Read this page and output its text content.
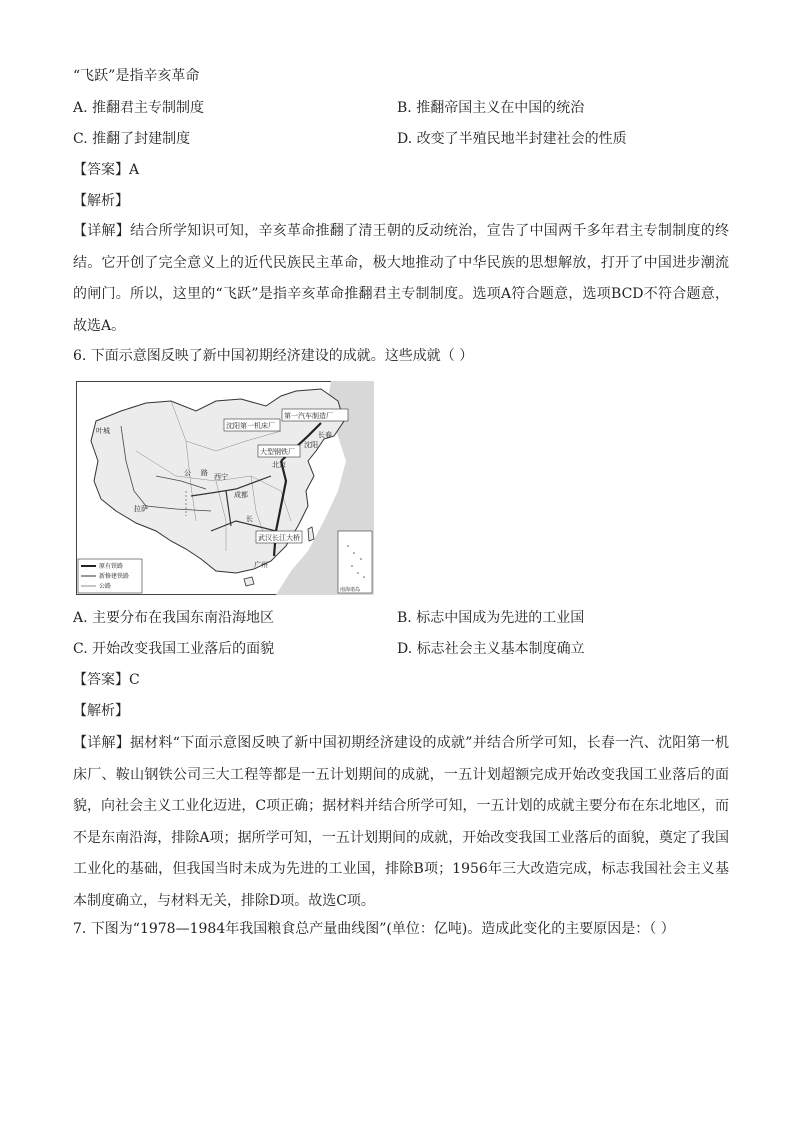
“飞跃”是指辛亥革命
A. 推翻君主专制制度	B. 推翻帝国主义在中国的统治
C. 推翻了封建制度	D. 改变了半殖民地半封建社会的性质
【答案】A
【解析】
【详解】结合所学知识可知，辛亥革命推翻了清王朝的反动统治，宣告了中国两千多年君主专制制度的终结。它开创了完全意义上的近代民族民主革命，极大地推动了中华民族的思想解放，打开了中国进步潮流的闸门。所以，这里的“飞跃”是指辛亥革命推翻君主专制制度。选项A符合题意，选项BCD不符合题意，故选A。
6. 下面示意图反映了新中国初期经济建设的成就。这些成就（ ）
第一汽车制造厂
沈阳第一机床厂
大型钢铁厂
武汉长江大桥
长春
沈阳
北京
西宁
成都
拉萨
叶城
广州
公 路
长
原有铁路
新修建铁路
公路	南海诸岛
A. 主要分布在我国东南沿海地区	B. 标志中国成为先进的工业国
C. 开始改变我国工业落后的面貌	D. 标志社会主义基本制度确立
【答案】C
【解析】
【详解】据材料“下面示意图反映了新中国初期经济建设的成就”并结合所学可知，长春一汽、沈阳第一机床厂、鞍山钢铁公司三大工程等都是一五计划期间的成就，一五计划超额完成开始改变我国工业落后的面貌，向社会主义工业化迈进，C项正确；据材料并结合所学可知，一五计划的成就主要分布在东北地区，而不是东南沿海，排除A项；据所学可知，一五计划期间的成就，开始改变我国工业落后的面貌，奠定了我国工业化的基础，但我国当时未成为先进的工业国，排除B项；1956年三大改造完成，标志我国社会主义基本制度确立，与材料无关，排除D项。故选C项。
7. 下图为“1978—1984年我国粮食总产量曲线图”(单位：亿吨)。造成此变化的主要原因是：（ ）
